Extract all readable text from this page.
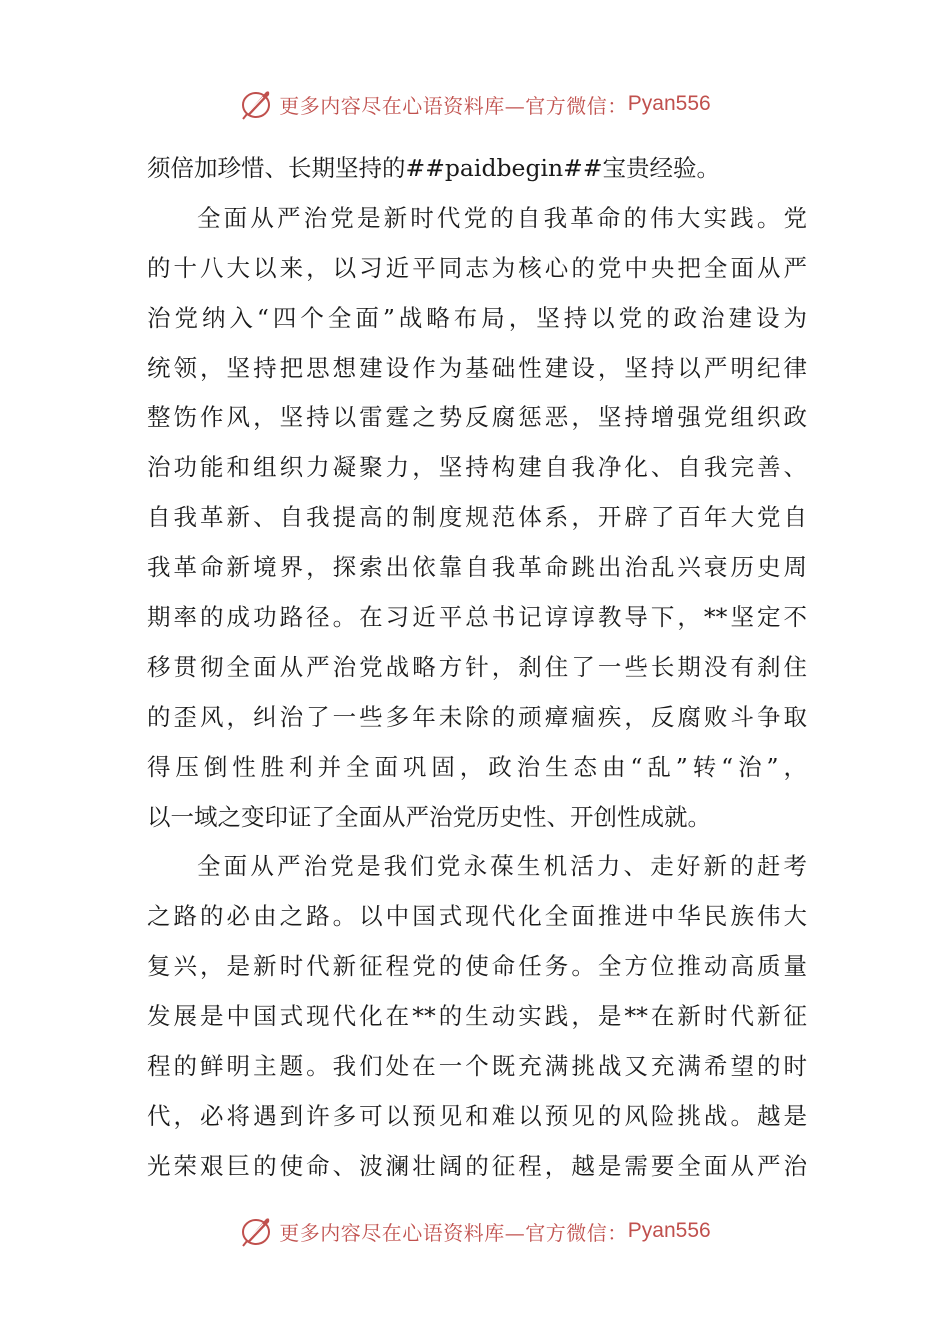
更多内容尽在心语资料库—官方微信： Pyan556
须倍加珍惜、长期坚持的##paidbegin##宝贵经验。
全面从严治党是新时代党的自我革命的伟大实践。党
的十八大以来，以习近平同志为核心的党中央把全面从严
治党纳入“四个全面”战略布局，坚持以党的政治建设为
统领，坚持把思想建设作为基础性建设，坚持以严明纪律
整饬作风，坚持以雷霆之势反腐惩恶，坚持增强党组织政
治功能和组织力凝聚力，坚持构建自我净化、自我完善、
自我革新、自我提高的制度规范体系，开辟了百年大党自
我革命新境界，探索出依靠自我革命跳出治乱兴衰历史周
期率的成功路径。在习近平总书记谆谆教导下，**坚定不
移贯彻全面从严治党战略方针，刹住了一些长期没有刹住
的歪风，纠治了一些多年未除的顽瘴痼疾，反腐败斗争取
得压倒性胜利并全面巩固，政治生态由“乱”转“治”，
以一域之变印证了全面从严治党历史性、开创性成就。
全面从严治党是我们党永葆生机活力、走好新的赶考
之路的必由之路。以中国式现代化全面推进中华民族伟大
复兴，是新时代新征程党的使命任务。全方位推动高质量
发展是中国式现代化在**的生动实践，是**在新时代新征
程的鲜明主题。我们处在一个既充满挑战又充满希望的时
代，必将遇到许多可以预见和难以预见的风险挑战。越是
光荣艰巨的使命、波澜壮阔的征程，越是需要全面从严治
更多内容尽在心语资料库—官方微信： Pyan556
